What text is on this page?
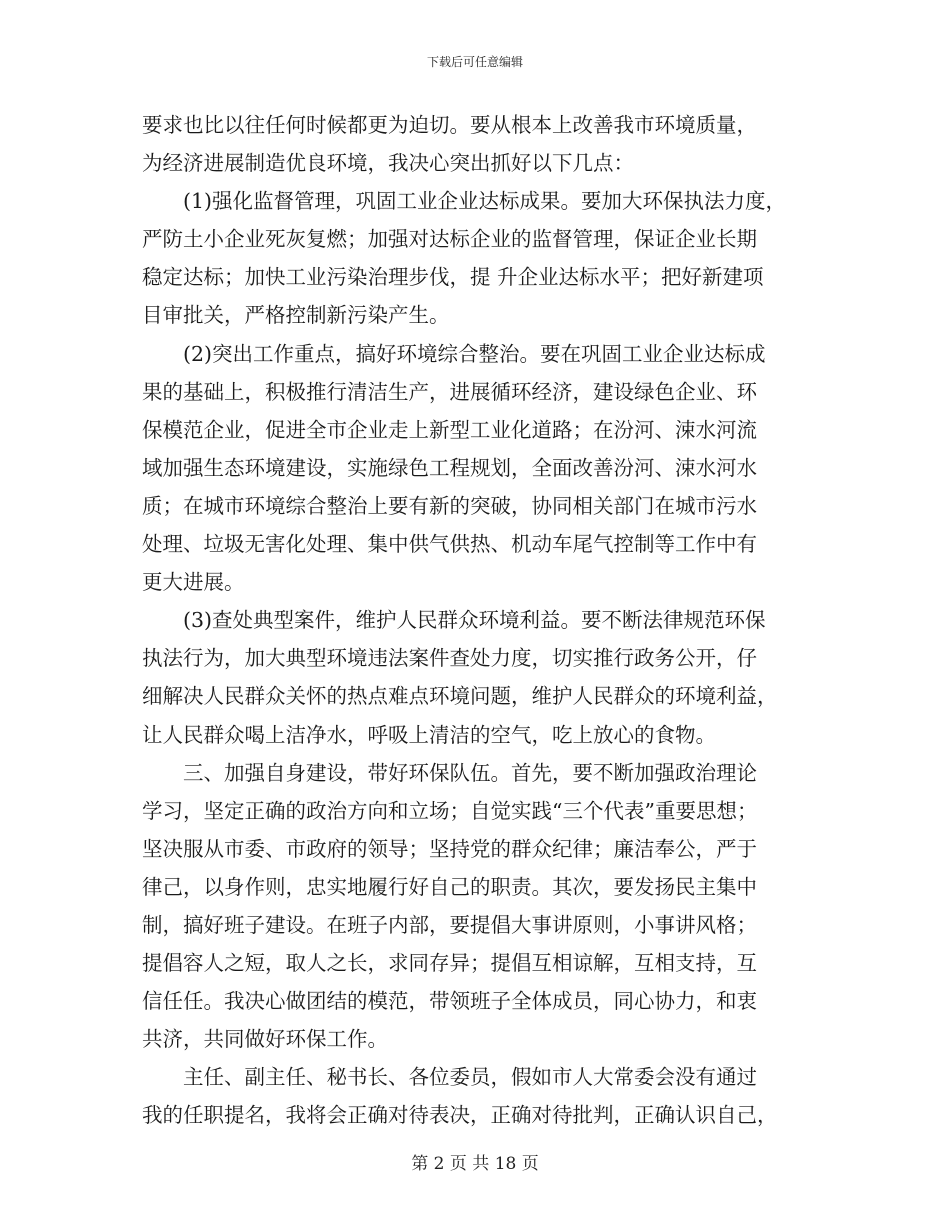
下载后可任意编辑
要求也比以往任何时候都更为迫切。要从根本上改善我市环境质量，
为经济进展制造优良环境，我决心突出抓好以下几点：
(1)强化监督管理，巩固工业企业达标成果。要加大环保执法力度，
严防土小企业死灰复燃；加强对达标企业的监督管理，保证企业长期
稳定达标；加快工业污染治理步伐，提 升企业达标水平；把好新建项
目审批关，严格控制新污染产生。
(2)突出工作重点，搞好环境综合整治。要在巩固工业企业达标成
果的基础上，积极推行清洁生产，进展循环经济，建设绿色企业、环
保模范企业，促进全市企业走上新型工业化道路；在汾河、涑水河流
域加强生态环境建设，实施绿色工程规划，全面改善汾河、涑水河水
质；在城市环境综合整治上要有新的突破，协同相关部门在城市污水
处理、垃圾无害化处理、集中供气供热、机动车尾气控制等工作中有
更大进展。
(3)查处典型案件，维护人民群众环境利益。要不断法律规范环保
执法行为，加大典型环境违法案件查处力度，切实推行政务公开，仔
细解决人民群众关怀的热点难点环境问题，维护人民群众的环境利益，
让人民群众喝上洁净水，呼吸上清洁的空气，吃上放心的食物。
三、加强自身建设，带好环保队伍。首先，要不断加强政治理论
学习，坚定正确的政治方向和立场；自觉实践“三个代表”重要思想；
坚决服从市委、市政府的领导；坚持党的群众纪律；廉洁奉公，严于
律己，以身作则，忠实地履行好自己的职责。其次，要发扬民主集中
制，搞好班子建设。在班子内部，要提倡大事讲原则，小事讲风格；
提倡容人之短，取人之长，求同存异；提倡互相谅解，互相支持，互
信任任。我决心做团结的模范，带领班子全体成员，同心协力，和衷
共济，共同做好环保工作。
主任、副主任、秘书长、各位委员，假如市人大常委会没有通过
我的任职提名，我将会正确对待表决，正确对待批判，正确认识自己，
第 2 页 共 18 页
